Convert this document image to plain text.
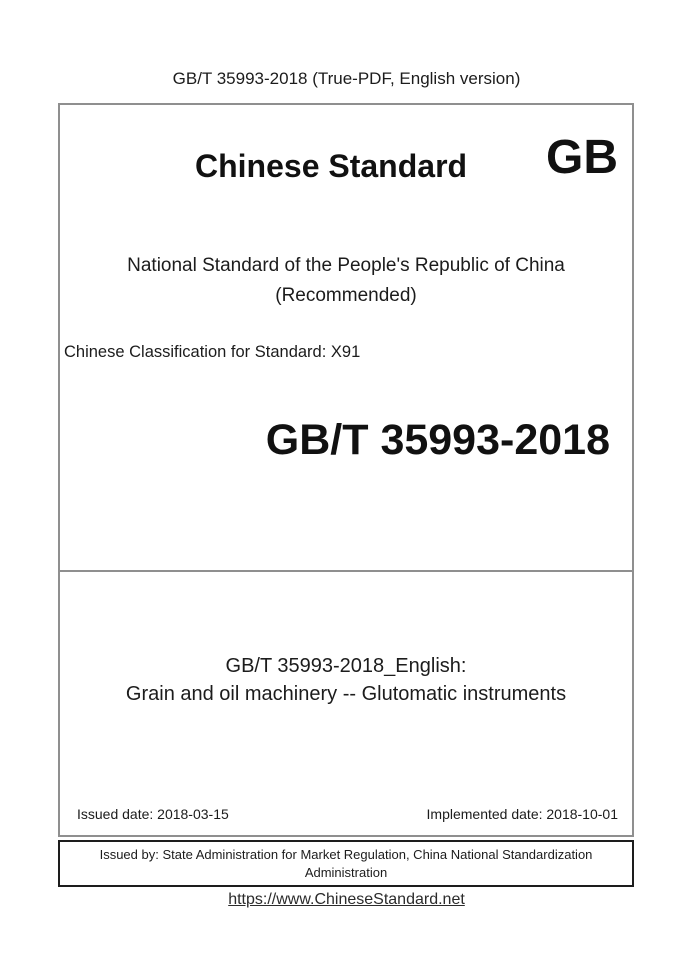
GB/T 35993-2018 (True-PDF, English version)
Chinese Standard GB
National Standard of the People's Republic of China
(Recommended)
Chinese Classification for Standard: X91
GB/T 35993-2018
GB/T 35993-2018_English:
Grain and oil machinery -- Glutomatic instruments
Issued date: 2018-03-15	Implemented date: 2018-10-01
Issued by: State Administration for Market Regulation, China National Standardization
Administration
https://www.ChineseStandard.net
